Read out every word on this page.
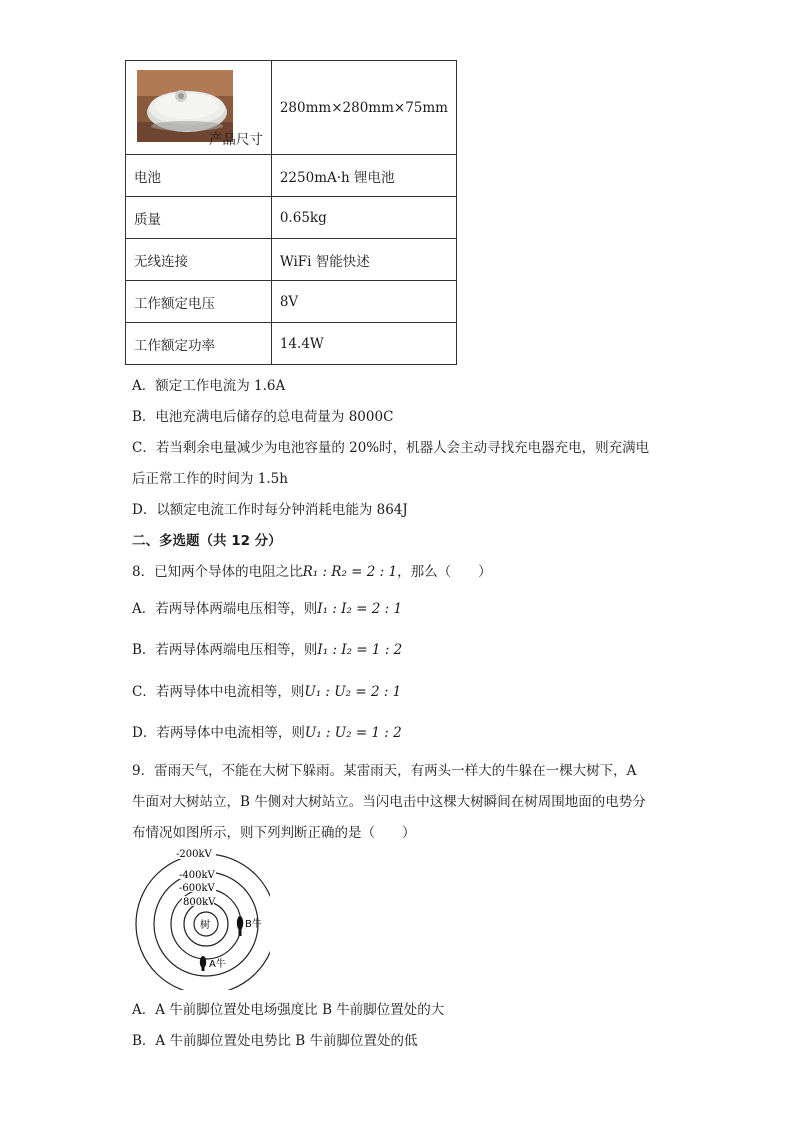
产品尺寸	280mm×280mm×75mm
电池	2250mA·h 锂电池
质量	0.65kg
无线连接	WiFi 智能快述
工作额定电压	8V
工作额定功率	14.4W
A．额定工作电流为 1.6A
B．电池充满电后储存的总电荷量为 8000C
C．若当剩余电量减少为电池容量的 20%时，机器人会主动寻找充电器充电，则充满电
后正常工作的时间为 1.5h
D．以额定电流工作时每分钟消耗电能为 864J
二、多选题（共 12 分）
8．已知两个导体的电阻之比R₁ : R₂ = 2 : 1，那么（　　）
A．若两导体两端电压相等，则I₁ : I₂ = 2 : 1
B．若两导体两端电压相等，则I₁ : I₂ = 1 : 2
C．若两导体中电流相等，则U₁ : U₂ = 2 : 1
D．若两导体中电流相等，则U₁ : U₂ = 1 : 2
9．雷雨天气，不能在大树下躲雨。某雷雨天，有两头一样大的牛躲在一棵大树下，A
牛面对大树站立，B 牛侧对大树站立。当闪电击中这棵大树瞬间在树周围地面的电势分
布情况如图所示，则下列判断正确的是（　　）
-200kV
-400kV
-600kV
800kV
树	B牛
A牛
A．A 牛前脚位置处电场强度比 B 牛前脚位置处的大
B．A 牛前脚位置处电势比 B 牛前脚位置处的低
